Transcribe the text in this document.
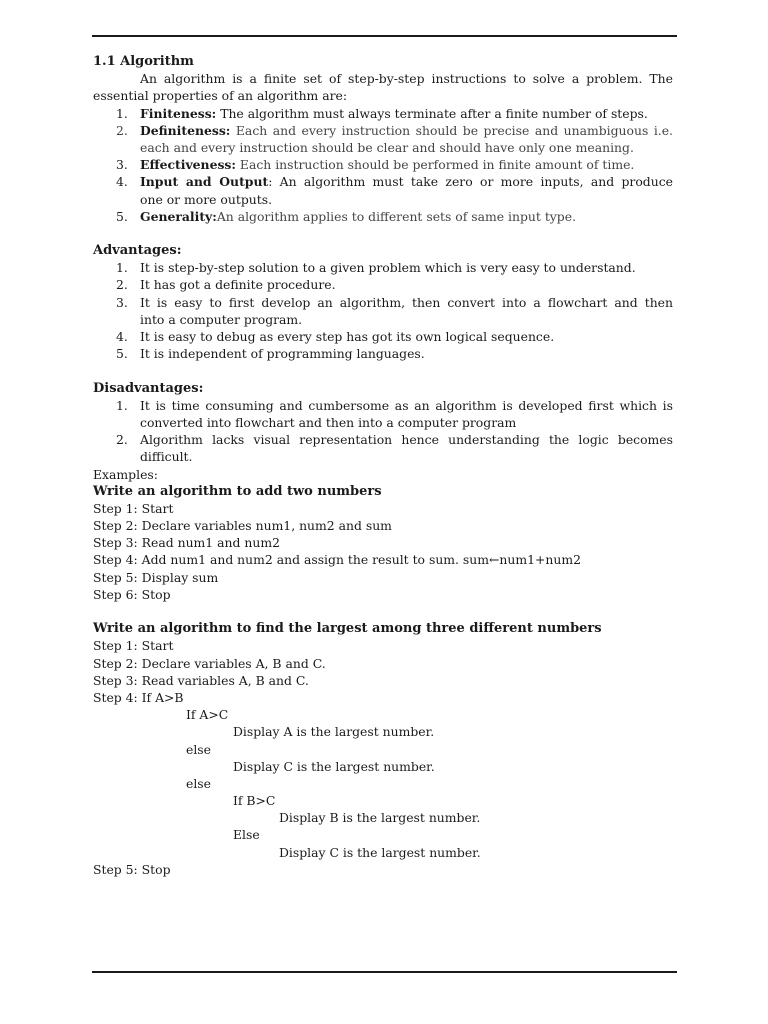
1.1 Algorithm
An algorithm is a finite set of step-by-step instructions to solve a problem. The
essential properties of an algorithm are:
1. Finiteness: The algorithm must always terminate after a finite number of steps.
2. Definiteness: Each and every instruction should be precise and unambiguous i.e.
each and every instruction should be clear and should have only one meaning.
3. Effectiveness: Each instruction should be performed in finite amount of time.
4. Input and Output: An algorithm must take zero or more inputs, and produce
one or more outputs.
5. Generality:An algorithm applies to different sets of same input type.
Advantages:
1. It is step-by-step solution to a given problem which is very easy to understand.
2. It has got a definite procedure.
3. It is easy to first develop an algorithm, then convert into a flowchart and then
into a computer program.
4. It is easy to debug as every step has got its own logical sequence.
5. It is independent of programming languages.
Disadvantages:
1. It is time consuming and cumbersome as an algorithm is developed first which is
converted into flowchart and then into a computer program
2. Algorithm lacks visual representation hence understanding the logic becomes
difficult.
Examples:
Write an algorithm to add two numbers
Step 1: Start
Step 2: Declare variables num1, num2 and sum
Step 3: Read num1 and num2
Step 4: Add num1 and num2 and assign the result to sum. sum←num1+num2
Step 5: Display sum
Step 6: Stop
Write an algorithm to find the largest among three different numbers
Step 1: Start
Step 2: Declare variables A, B and C.
Step 3: Read variables A, B and C.
Step 4: If A>B
If A>C
Display A is the largest number.
else
Display C is the largest number.
else
If B>C
Display B is the largest number.
Else
Display C is the largest number.
Step 5: Stop
